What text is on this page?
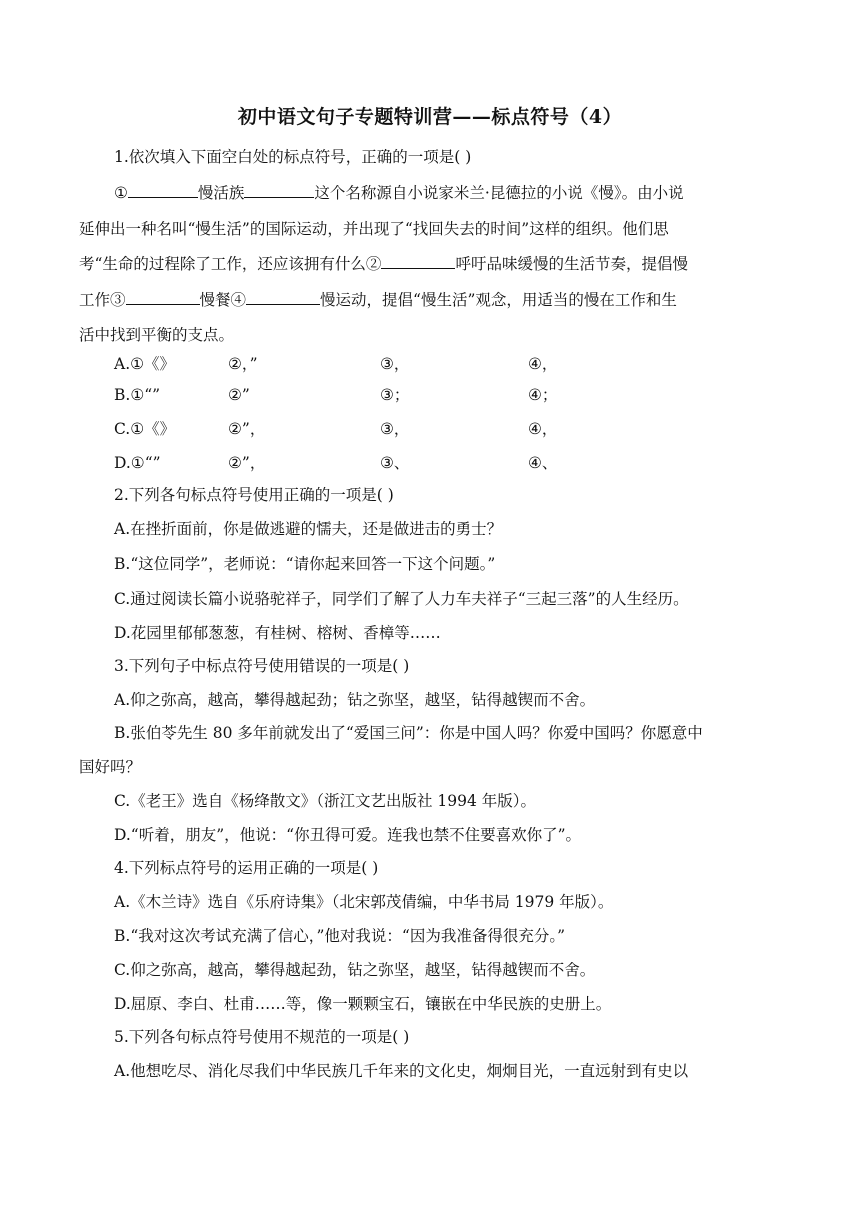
初中语文句子专题特训营——标点符号（4）
1.依次填入下面空白处的标点符号，正确的一项是( )
①	慢活族	这个名称源自小说家米兰·昆德拉的小说《慢》。由小说
延伸出一种名叫“慢生活”的国际运动，并出现了“找回失去的时间”这样的组织。他们思
考“生命的过程除了工作，还应该拥有什么②	呼吁品味缓慢的生活节奏，提倡慢
工作③	慢餐④	慢运动，提倡“慢生活”观念，用适当的慢在工作和生
活中找到平衡的支点。
A.①《》	②，”	③，	④，
B.①“”	②”	③；	④；
C.①《》	②”，	③，	④，
D.①“”	②”，	③、	④、
2.下列各句标点符号使用正确的一项是( )
A.在挫折面前，你是做逃避的懦夫，还是做进击的勇士？
B.“这位同学”，老师说：“请你起来回答一下这个问题。”
C.通过阅读长篇小说骆驼祥子，同学们了解了人力车夫祥子“三起三落”的人生经历。
D.花园里郁郁葱葱，有桂树、榕树、香樟等……
3.下列句子中标点符号使用错误的一项是( )
A.仰之弥高，越高，攀得越起劲；钻之弥坚，越坚，钻得越锲而不舍。
B.张伯苓先生 80 多年前就发出了“爱国三问”：你是中国人吗？你爱中国吗？你愿意中
国好吗？
C.《老王》选自《杨绛散文》（浙江文艺出版社 1994 年版）。
D.“听着，朋友”，他说：“你丑得可爱。连我也禁不住要喜欢你了”。
4.下列标点符号的运用正确的一项是( )
A.《木兰诗》选自《乐府诗集》（北宋郭茂倩编，中华书局 1979 年版）。
B.“我对这次考试充满了信心，”他对我说：“因为我准备得很充分。”
C.仰之弥高，越高，攀得越起劲，钻之弥坚，越坚，钻得越锲而不舍。
D.屈原、李白、杜甫……等，像一颗颗宝石，镶嵌在中华民族的史册上。
5.下列各句标点符号使用不规范的一项是( )
A.他想吃尽、消化尽我们中华民族几千年来的文化史，炯炯目光，一直远射到有史以
